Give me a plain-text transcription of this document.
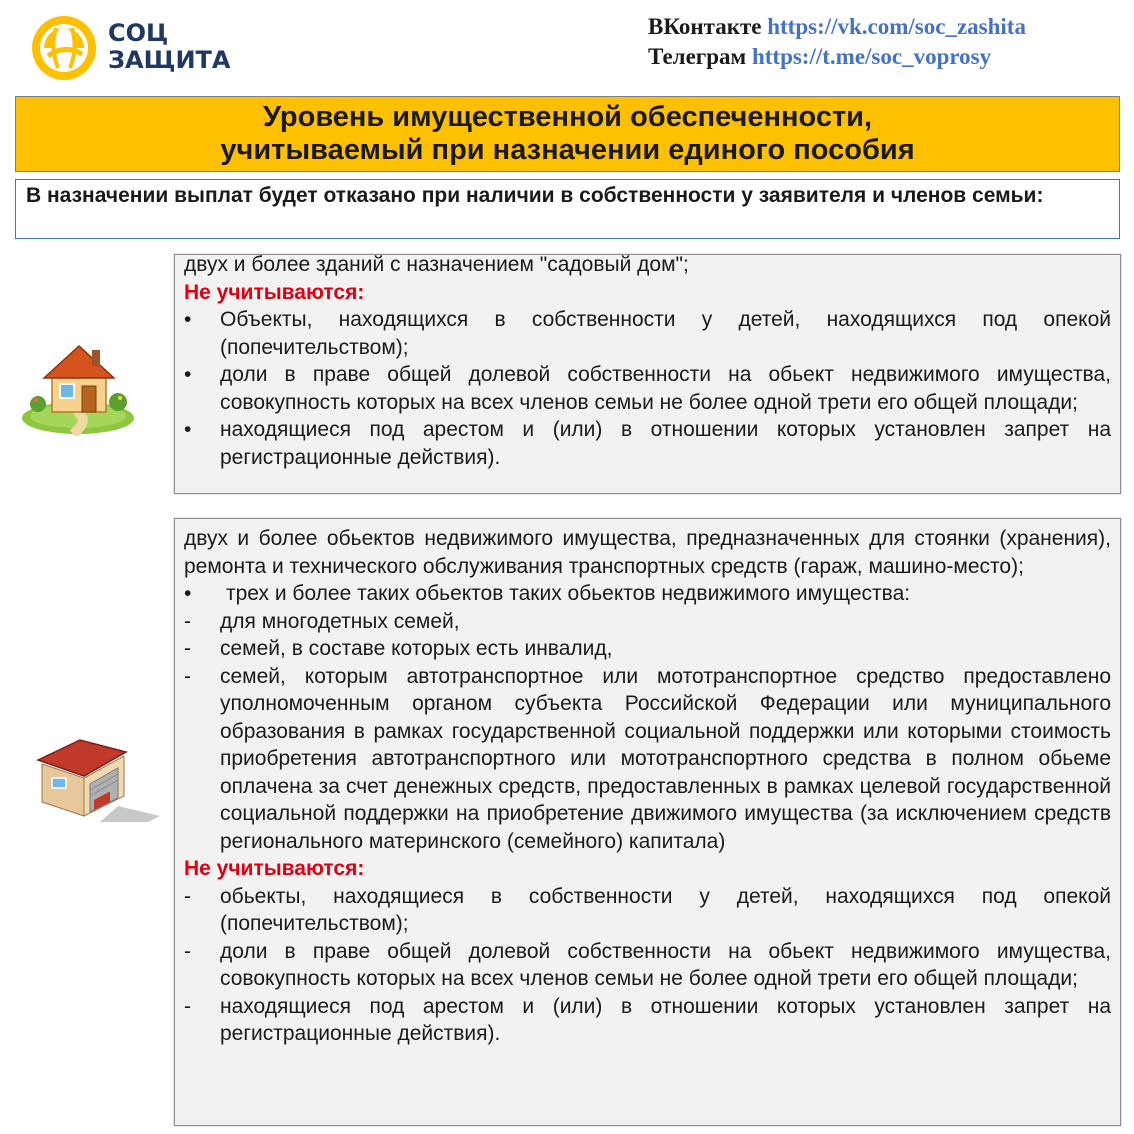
СОЦ
ЗАЩИТА
ВКонтакте https://vk.com/soc_zashita
Телеграм https://t.me/soc_voprosy
Уровень имущественной обеспеченности,
учитываемый при назначении единого пособия
В назначении выплат будет отказано при наличии в собственности у заявителя и членов семьи:

двух и более зданий с назначением "садовый дом";

Не учитываются:

•	Объекты, находящихся в собственности у детей, находящихся под опекой (попечительством);
•	доли в праве общей долевой собственности на обьект недвижимого имущества, совокупность которых на всех членов семьи не более одной трети его общей площади;
•	находящиеся под арестом и (или) в отношении которых установлен запрет на регистрационные действия).

двух и более обьектов недвижимого имущества, предназначенных для стоянки (хранения), ремонта и технического обслуживания транспортных средств (гараж, машино-место);

•	трех и более таких обьектов таких обьектов недвижимого имущества:
-	для многодетных семей,
-	семей, в составе которых есть инвалид,
-	семей, которым автотранспортное или мототранспортное средство предоставлено уполномоченным органом субъекта Российской Федерации или муниципального образования в рамках государственной социальной поддержки или которыми стоимость приобретения автотранспортного или мототранспортного средства в полном обьеме оплачена за счет денежных средств, предоставленных в рамках целевой государственной социальной поддержки на приобретение движимого имущества (за исключением средств регионального материнского (семейного) капитала)

Не учитываются:

-	обьекты, находящиеся в собственности у детей, находящихся под опекой (попечительством);
-	доли в праве общей долевой собственности на обьект недвижимого имущества, совокупность которых на всех членов семьи не более одной трети его общей площади;
-	находящиеся под арестом и (или) в отношении которых установлен запрет на регистрационные действия).
